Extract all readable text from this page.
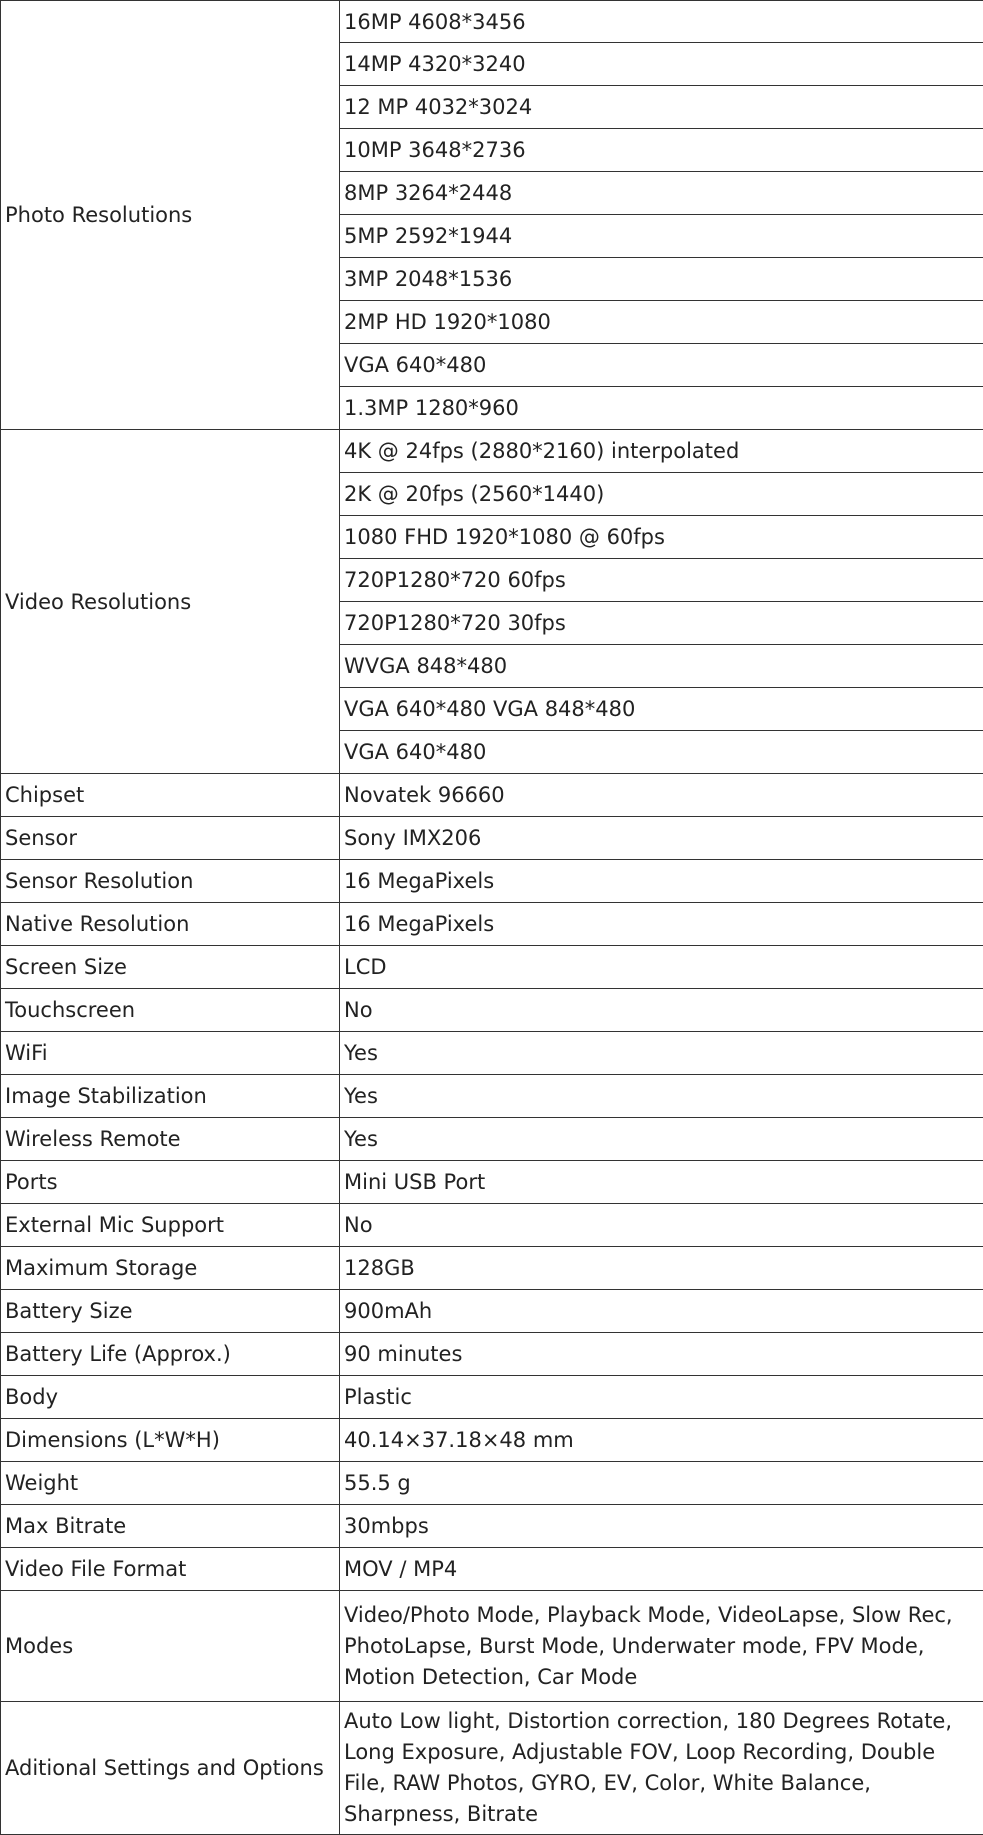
Photo Resolutions	16MP 4608*3456
	14MP 4320*3240
	12 MP 4032*3024
	10MP 3648*2736
	8MP 3264*2448
	5MP 2592*1944
	3MP 2048*1536
	2MP HD 1920*1080
	VGA 640*480
	1.3MP 1280*960
Video Resolutions	4K @ 24fps (2880*2160) interpolated
	2K @ 20fps (2560*1440)
	1080 FHD 1920*1080 @ 60fps
	720P1280*720 60fps
	720P1280*720 30fps
	WVGA 848*480
	VGA 640*480 VGA 848*480
	VGA 640*480
Chipset	Novatek 96660
Sensor	Sony IMX206
Sensor Resolution	16 MegaPixels
Native Resolution	16 MegaPixels
Screen Size	LCD
Touchscreen	No
WiFi	Yes
Image Stabilization	Yes
Wireless Remote	Yes
Ports	Mini USB Port
External Mic Support	No
Maximum Storage	128GB
Battery Size	900mAh
Battery Life (Approx.)	90 minutes
Body	Plastic
Dimensions (L*W*H)	40.14×37.18×48 mm
Weight	55.5 g
Max Bitrate	30mbps
Video File Format	MOV / MP4
Modes	Video/Photo Mode, Playback Mode, VideoLapse, Slow Rec, PhotoLapse, Burst Mode, Underwater mode, FPV Mode, Motion Detection, Car Mode
Aditional Settings and Options	Auto Low light, Distortion correction, 180 Degrees Rotate, Long Exposure, Adjustable FOV, Loop Recording, Double File, RAW Photos, GYRO, EV, Color, White Balance, Sharpness, Bitrate
